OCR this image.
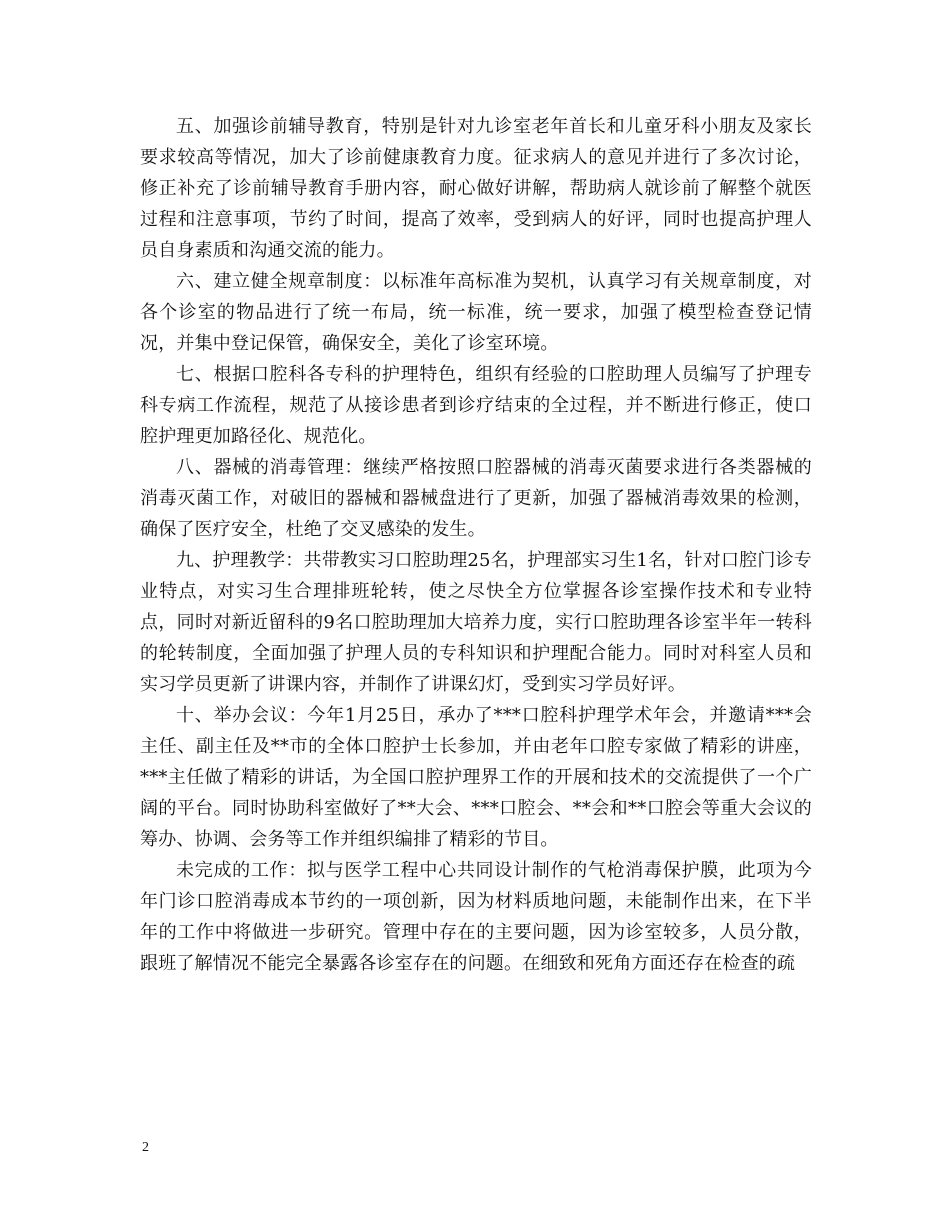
五、加强诊前辅导教育，特别是针对九诊室老年首长和儿童牙科小朋友及家长要求较高等情况，加大了诊前健康教育力度。征求病人的意见并进行了多次讨论，修正补充了诊前辅导教育手册内容，耐心做好讲解，帮助病人就诊前了解整个就医过程和注意事项，节约了时间，提高了效率，受到病人的好评，同时也提高护理人员自身素质和沟通交流的能力。

六、建立健全规章制度：以标准年高标准为契机，认真学习有关规章制度，对各个诊室的物品进行了统一布局，统一标准，统一要求，加强了模型检查登记情况，并集中登记保管，确保安全，美化了诊室环境。

七、根据口腔科各专科的护理特色，组织有经验的口腔助理人员编写了护理专科专病工作流程，规范了从接诊患者到诊疗结束的全过程，并不断进行修正，使口腔护理更加路径化、规范化。

八、器械的消毒管理：继续严格按照口腔器械的消毒灭菌要求进行各类器械的消毒灭菌工作，对破旧的器械和器械盘进行了更新，加强了器械消毒效果的检测，确保了医疗安全，杜绝了交叉感染的发生。

九、护理教学：共带教实习口腔助理25名，护理部实习生1名，针对口腔门诊专业特点，对实习生合理排班轮转，使之尽快全方位掌握各诊室操作技术和专业特点，同时对新近留科的9名口腔助理加大培养力度，实行口腔助理各诊室半年一转科的轮转制度，全面加强了护理人员的专科知识和护理配合能力。同时对科室人员和实习学员更新了讲课内容，并制作了讲课幻灯，受到实习学员好评。

十、举办会议：今年1月25日，承办了***口腔科护理学术年会，并邀请***会主任、副主任及**市的全体口腔护士长参加，并由老年口腔专家做了精彩的讲座，***主任做了精彩的讲话，为全国口腔护理界工作的开展和技术的交流提供了一个广阔的平台。同时协助科室做好了**大会、***口腔会、**会和**口腔会等重大会议的筹办、协调、会务等工作并组织编排了精彩的节目。

未完成的工作：拟与医学工程中心共同设计制作的气枪消毒保护膜，此项为今年门诊口腔消毒成本节约的一项创新，因为材料质地问题，未能制作出来，在下半年的工作中将做进一步研究。管理中存在的主要问题，因为诊室较多，人员分散，跟班了解情况不能完全暴露各诊室存在的问题。在细致和死角方面还存在检查的疏

2
